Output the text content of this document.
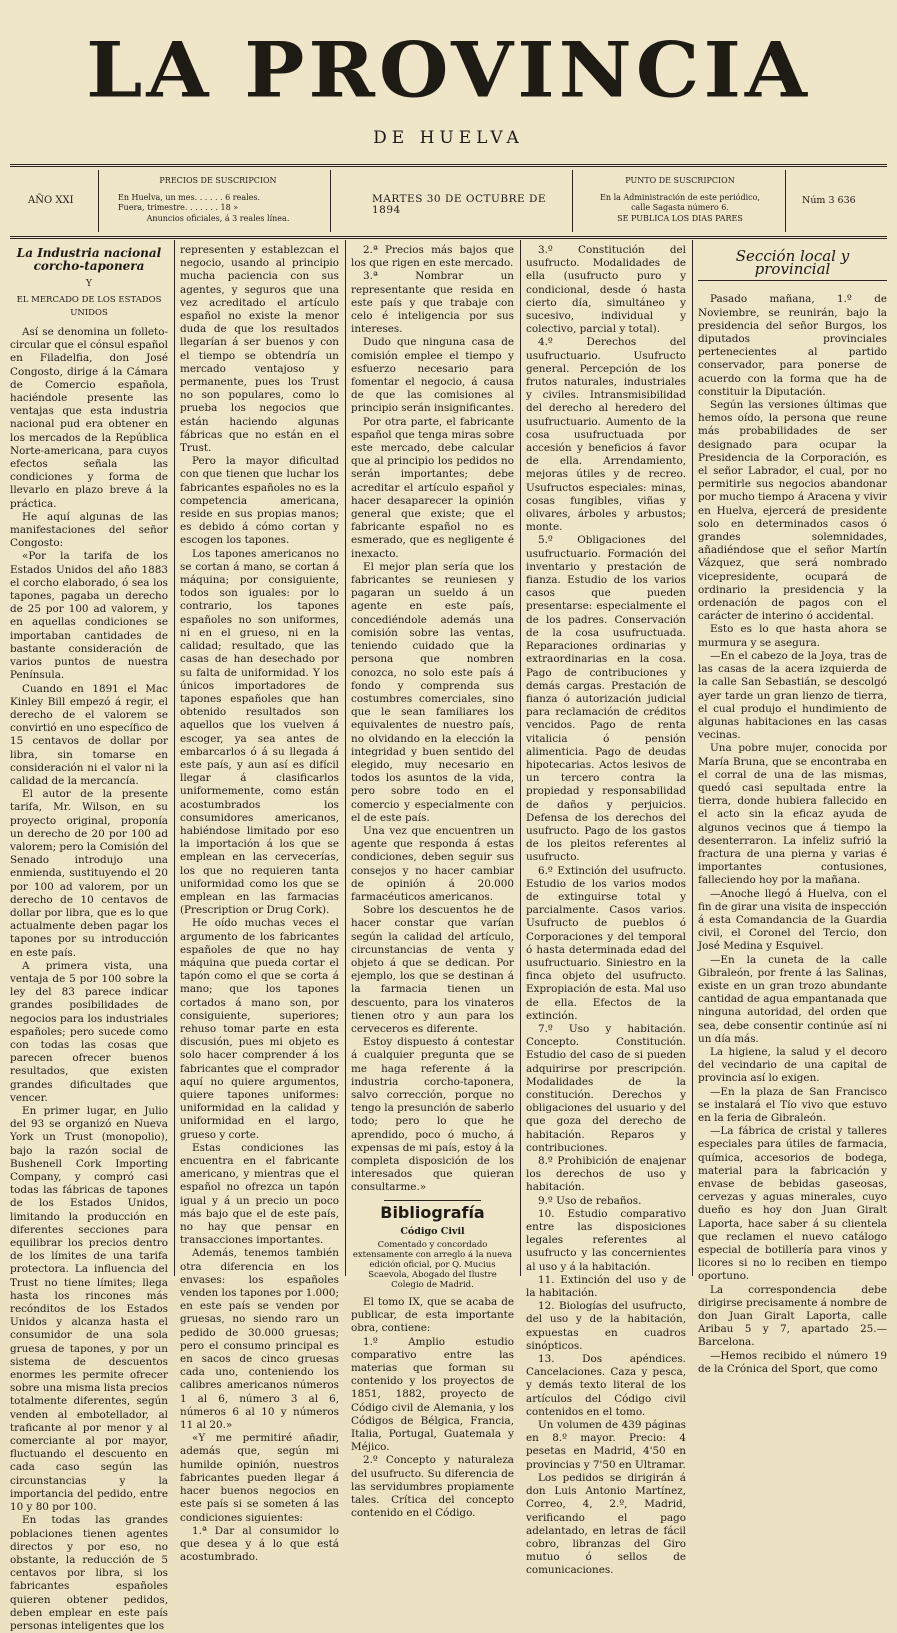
LA PROVINCIA
DE HUELVA
AÑO XXI
PRECIOS DE SUSCRIPCION
En Huelva, un mes. . . . . . 6 reales.
Fuera, trimestre. . . . . . . 18 »
Anuncios oficiales, á 3 reales línea.
MARTES 30 DE OCTUBRE DE 1894
PUNTO DE SUSCRIPCION
En la Administración de este periódico,
calle Sagasta número 6.
SE PUBLICA LOS DIAS PARES
Núm 3 636
La Industria nacional corcho-taponera
Y
EL MERCADO DE LOS ESTADOS UNIDOS

Así se denomina un folleto-circular que el cónsul español en Filadelfia, don José Congosto, dirige á la Cámara de Comercio española, haciéndole presente las ventajas que esta industria nacional pud era obtener en los mercados de la República Norte-americana, para cuyos efectos señala las condiciones y forma de llevarlo en plazo breve á la práctica.

He aquí algunas de las manifestaciones del señor Congosto:

«Por la tarifa de los Estados Unidos del año 1883 el corcho elaborado, ó sea los tapones, pagaba un derecho de 25 por 100 ad valorem, y en aquellas condiciones se importaban cantidades de bastante consideración de varios puntos de nuestra Península.

Cuando en 1891 el Mac Kinley Bill empezó á regir, el derecho de el valorem se convirtió en uno específico de 15 centavos de dollar por libra, sin tomarse en consideración ni el valor ni la calidad de la mercancía.

El autor de la presente tarifa, Mr. Wilson, en su proyecto original, proponía un derecho de 20 por 100 ad valorem; pero la Comisión del Senado introdujo una enmienda, sustituyendo el 20 por 100 ad valorem, por un derecho de 10 centavos de dollar por libra, que es lo que actualmente deben pagar los tapones por su introducción en este país.

A primera vista, una ventaja de 5 por 100 sobre la ley del 83 parece indicar grandes posibilidades de negocios para los industriales españoles; pero sucede como con todas las cosas que parecen ofrecer buenos resultados, que existen grandes dificultades que vencer.

En primer lugar, en Julio del 93 se organizó en Nueva York un Trust (monopolio), bajo la razón social de Bushenell Cork Importing Company, y compró casi todas las fábricas de tapones de los Estados Unidos, limitando la producción en diferentes secciones para equilibrar los precios dentro de los límites de una tarifa protectora. La influencia del Trust no tiene límites; llega hasta los rincones más recónditos de los Estados Unidos y alcanza hasta el consumidor de una sola gruesa de tapones, y por un sistema de descuentos enormes les permite ofrecer sobre una misma lista precios totalmente diferentes, según venden al embotellador, al traficante al por menor y al comerciante al por mayor, fluctuando el descuento en cada caso según las circunstancias y la importancia del pedido, entre 10 y 80 por 100.

En todas las grandes poblaciones tienen agentes directos y por eso, no obstante, la reducción de 5 centavos por libra, si los fabricantes españoles quieren obtener pedidos, deben emplear en este país personas inteligentes que los

representen y establezcan el negocio, usando al principio mucha paciencia con sus agentes, y seguros que una vez acreditado el artículo español no existe la menor duda de que los resultados llegarían á ser buenos y con el tiempo se obtendría un mercado ventajoso y permanente, pues los Trust no son populares, como lo prueba los negocios que están haciendo algunas fábricas que no están en el Trust.

Pero la mayor dificultad con que tienen que luchar los fabricantes españoles no es la competencia americana, reside en sus propias manos; es debido á cómo cortan y escogen los tapones.

Los tapones americanos no se cortan á mano, se cortan á máquina; por consiguiente, todos son iguales: por lo contrario, los tapones españoles no son uniformes, ni en el grueso, ni en la calidad; resultado, que las casas de han desechado por su falta de uniformidad. Y los únicos importadores de tapones españoles que han obtenido resultados son aquellos que los vuelven á escoger, ya sea antes de embarcarlos ó á su llegada á este país, y aun así es difícil llegar á clasificarlos uniformemente, como están acostumbrados los consumidores americanos, habiéndose limitado por eso la importación á los que se emplean en las cervecerías, los que no requieren tanta uniformidad como los que se emplean en las farmacias (Prescription or Drug Cork).

He oído muchas veces el argumento de los fabricantes españoles de que no hay máquina que pueda cortar el tapón como el que se corta á mano; que los tapones cortados á mano son, por consiguiente, superiores; rehuso tomar parte en esta discusión, pues mi objeto es solo hacer comprender á los fabricantes que el comprador aquí no quiere argumentos, quiere tapones uniformes: uniformidad en la calidad y uniformidad en el largo, grueso y corte.

Estas condiciones las encuentra en el fabricante americano, y mientras que el español no ofrezca un tapón igual y á un precio un poco más bajo que el de este país, no hay que pensar en transacciones importantes.

Además, tenemos también otra diferencia en los envases: los españoles venden los tapones por 1.000; en este país se venden por gruesas, no siendo raro un pedido de 30.000 gruesas; pero el consumo principal es en sacos de cinco gruesas cada uno, conteniendo los calibres americanos números 1 al 6, número 3 al 6, números 6 al 10 y números 11 al 20.»

«Y me permitiré añadir, además que, según mi humilde opinión, nuestros fabricantes pueden llegar á hacer buenos negocios en este país si se someten á las condiciones siguientes:

1.ª Dar al consumidor lo que desea y á lo que está acostumbrado.

2.ª Precios más bajos que los que rigen en este mercado.

3.ª Nombrar un representante que resida en este país y que trabaje con celo é inteligencia por sus intereses.

Dudo que ninguna casa de comisión emplee el tiempo y esfuerzo necesario para fomentar el negocio, á causa de que las comisiones al principio serán insignificantes.

Por otra parte, el fabricante español que tenga miras sobre este mercado, debe calcular que al principio los pedidos no serán importantes; debe acreditar el artículo español y hacer desaparecer la opinión general que existe; que el fabricante español no es esmerado, que es negligente é inexacto.

El mejor plan sería que los fabricantes se reuniesen y pagaran un sueldo á un agente en este país, concediéndole además una comisión sobre las ventas, teniendo cuidado que la persona que nombren conozca, no solo este país á fondo y comprenda sus costumbres comerciales, sino que le sean familiares los equivalentes de nuestro país, no olvidando en la elección la integridad y buen sentido del elegido, muy necesario en todos los asuntos de la vida, pero sobre todo en el comercio y especialmente con el de este país.

Una vez que encuentren un agente que responda á estas condiciones, deben seguir sus consejos y no hacer cambiar de opinión á 20.000 farmacéuticos americanos.

Sobre los descuentos he de hacer constar que varían según la calidad del artículo, circunstancias de venta y objeto á que se dedican. Por ejemplo, los que se destinan á la farmacia tienen un descuento, para los vinateros tienen otro y aun para los cerveceros es diferente.

Estoy dispuesto á contestar á cualquier pregunta que se me haga referente á la industria corcho-taponera, salvo corrección, porque no tengo la presunción de saberlo todo; pero lo que he aprendido, poco ó mucho, á expensas de mi país, estoy á la completa disposición de los interesados que quieran consultarme.»

Bibliografía
Código Civil
Comentado y concordado extensamente con arreglo á la nueva edición oficial, por Q. Mucius Scaevola, Abogado del Ilustre Colegio de Madrid.

El tomo IX, que se acaba de publicar, de esta importante obra, contiene:

1.º Amplio estudio comparativo entre las materias que forman su contenido y los proyectos de 1851, 1882, proyecto de Código civil de Alemania, y los Códigos de Bélgica, Francia, Italia, Portugal, Guatemala y Méjico.

2.º Concepto y naturaleza del usufructo. Su diferencia de las servidumbres propiamente tales. Crítica del concepto contenido en el Código.

3.º Constitución del usufructo. Modalidades de ella (usufructo puro y condicional, desde ó hasta cierto día, simultáneo y sucesivo, individual y colectivo, parcial y total).

4.º Derechos del usufructuario. Usufructo general. Percepción de los frutos naturales, industriales y civiles. Intransmisibilidad del derecho al heredero del usufructuario. Aumento de la cosa usufructuada por accesión y beneficios á favor de ella. Arrendamiento, mejoras útiles y de recreo. Usufructos especiales: minas, cosas fungibles, viñas y olivares, árboles y arbustos; monte.

5.º Obligaciones del usufructuario. Formación del inventario y prestación de fianza. Estudio de los varios casos que pueden presentarse: especialmente el de los padres. Conservación de la cosa usufructuada. Reparaciones ordinarias y extraordinarias en la cosa. Pago de contribuciones y demás cargas. Prestación de fianza ó autorización judicial para reclamación de créditos vencidos. Pago de renta vitalicia ó pensión alimenticia. Pago de deudas hipotecarias. Actos lesivos de un tercero contra la propiedad y responsabilidad de daños y perjuicios. Defensa de los derechos del usufructo. Pago de los gastos de los pleitos referentes al usufructo.

6.º Extinción del usufructo. Estudio de los varios modos de extinguirse total y parcialmente. Casos varios. Usufructo de pueblos ó Corporaciones y del temporal ó hasta determinada edad del usufructuario. Siniestro en la finca objeto del usufructo. Expropiación de esta. Mal uso de ella. Efectos de la extinción.

7.º Uso y habitación. Concepto. Constitución. Estudio del caso de si pueden adquirirse por prescripción. Modalidades de la constitución. Derechos y obligaciones del usuario y del que goza del derecho de habitación. Reparos y contribuciones.

8.º Prohibición de enajenar los derechos de uso y habitación.

9.º Uso de rebaños.

10. Estudio comparativo entre las disposiciones legales referentes al usufructo y las concernientes al uso y á la habitación.

11. Extinción del uso y de la habitación.

12. Biologías del usufructo, del uso y de la habitación, expuestas en cuadros sinópticos.

13. Dos apéndices. Cancelaciones. Caza y pesca, y demás texto literal de los artículos del Código civil contenidos en el tomo.

Un volumen de 439 páginas en 8.º mayor. Precio: 4 pesetas en Madrid, 4'50 en provincias y 7'50 en Ultramar.

Los pedidos se dirigirán á don Luis Antonio Martínez, Correo, 4, 2.º, Madrid, verificando el pago adelantado, en letras de fácil cobro, libranzas del Giro mutuo ó sellos de comunicaciones.

Sección local y provincial

Pasado mañana, 1.º de Noviembre, se reunirán, bajo la presidencia del señor Burgos, los diputados provinciales pertenecientes al partido conservador, para ponerse de acuerdo con la forma que ha de constituir la Diputación.

Según las versiones últimas que hemos oído, la persona que reune más probabilidades de ser designado para ocupar la Presidencia de la Corporación, es el señor Labrador, el cual, por no permitirle sus negocios abandonar por mucho tiempo á Aracena y vivir en Huelva, ejercerá de presidente solo en determinados casos ó grandes solemnidades, añadiéndose que el señor Martín Vázquez, que será nombrado vicepresidente, ocupará de ordinario la presidencia y la ordenación de pagos con el carácter de interino ó accidental.

Esto es lo que hasta ahora se murmura y se asegura.

—En el cabezo de la Joya, tras de las casas de la acera izquierda de la calle San Sebastián, se descolgó ayer tarde un gran lienzo de tierra, el cual produjo el hundimiento de algunas habitaciones en las casas vecinas.

Una pobre mujer, conocida por María Bruna, que se encontraba en el corral de una de las mismas, quedó casi sepultada entre la tierra, donde hubiera fallecido en el acto sin la eficaz ayuda de algunos vecinos que á tiempo la desenterraron. La infeliz sufrió la fractura de una pierna y varias é importantes contusiones, falleciendo hoy por la mañana.

—Anoche llegó á Huelva, con el fin de girar una visita de inspección á esta Comandancia de la Guardia civil, el Coronel del Tercio, don José Medina y Esquivel.

—En la cuneta de la calle Gibraleón, por frente á las Salinas, existe en un gran trozo abundante cantidad de agua empantanada que ninguna autoridad, del orden que sea, debe consentir continúe así ni un día más.

La higiene, la salud y el decoro del vecindario de una capital de provincia así lo exigen.

—En la plaza de San Francisco se instalará el Tío vivo que estuvo en la feria de Gibraleón.

—La fábrica de cristal y talleres especiales para útiles de farmacia, química, accesorios de bodega, material para la fabricación y envase de bebidas gaseosas, cervezas y aguas minerales, cuyo dueño es hoy don Juan Giralt Laporta, hace saber á su clientela que reclamen el nuevo catálogo especial de botillería para vinos y licores si no lo reciben en tiempo oportuno.

La correspondencia debe dirigirse precisamente á nombre de don Juan Giralt Laporta, calle Aribau 5 y 7, apartado 25.—Barcelona.

—Hemos recibido el número 19 de la Crónica del Sport, que como
